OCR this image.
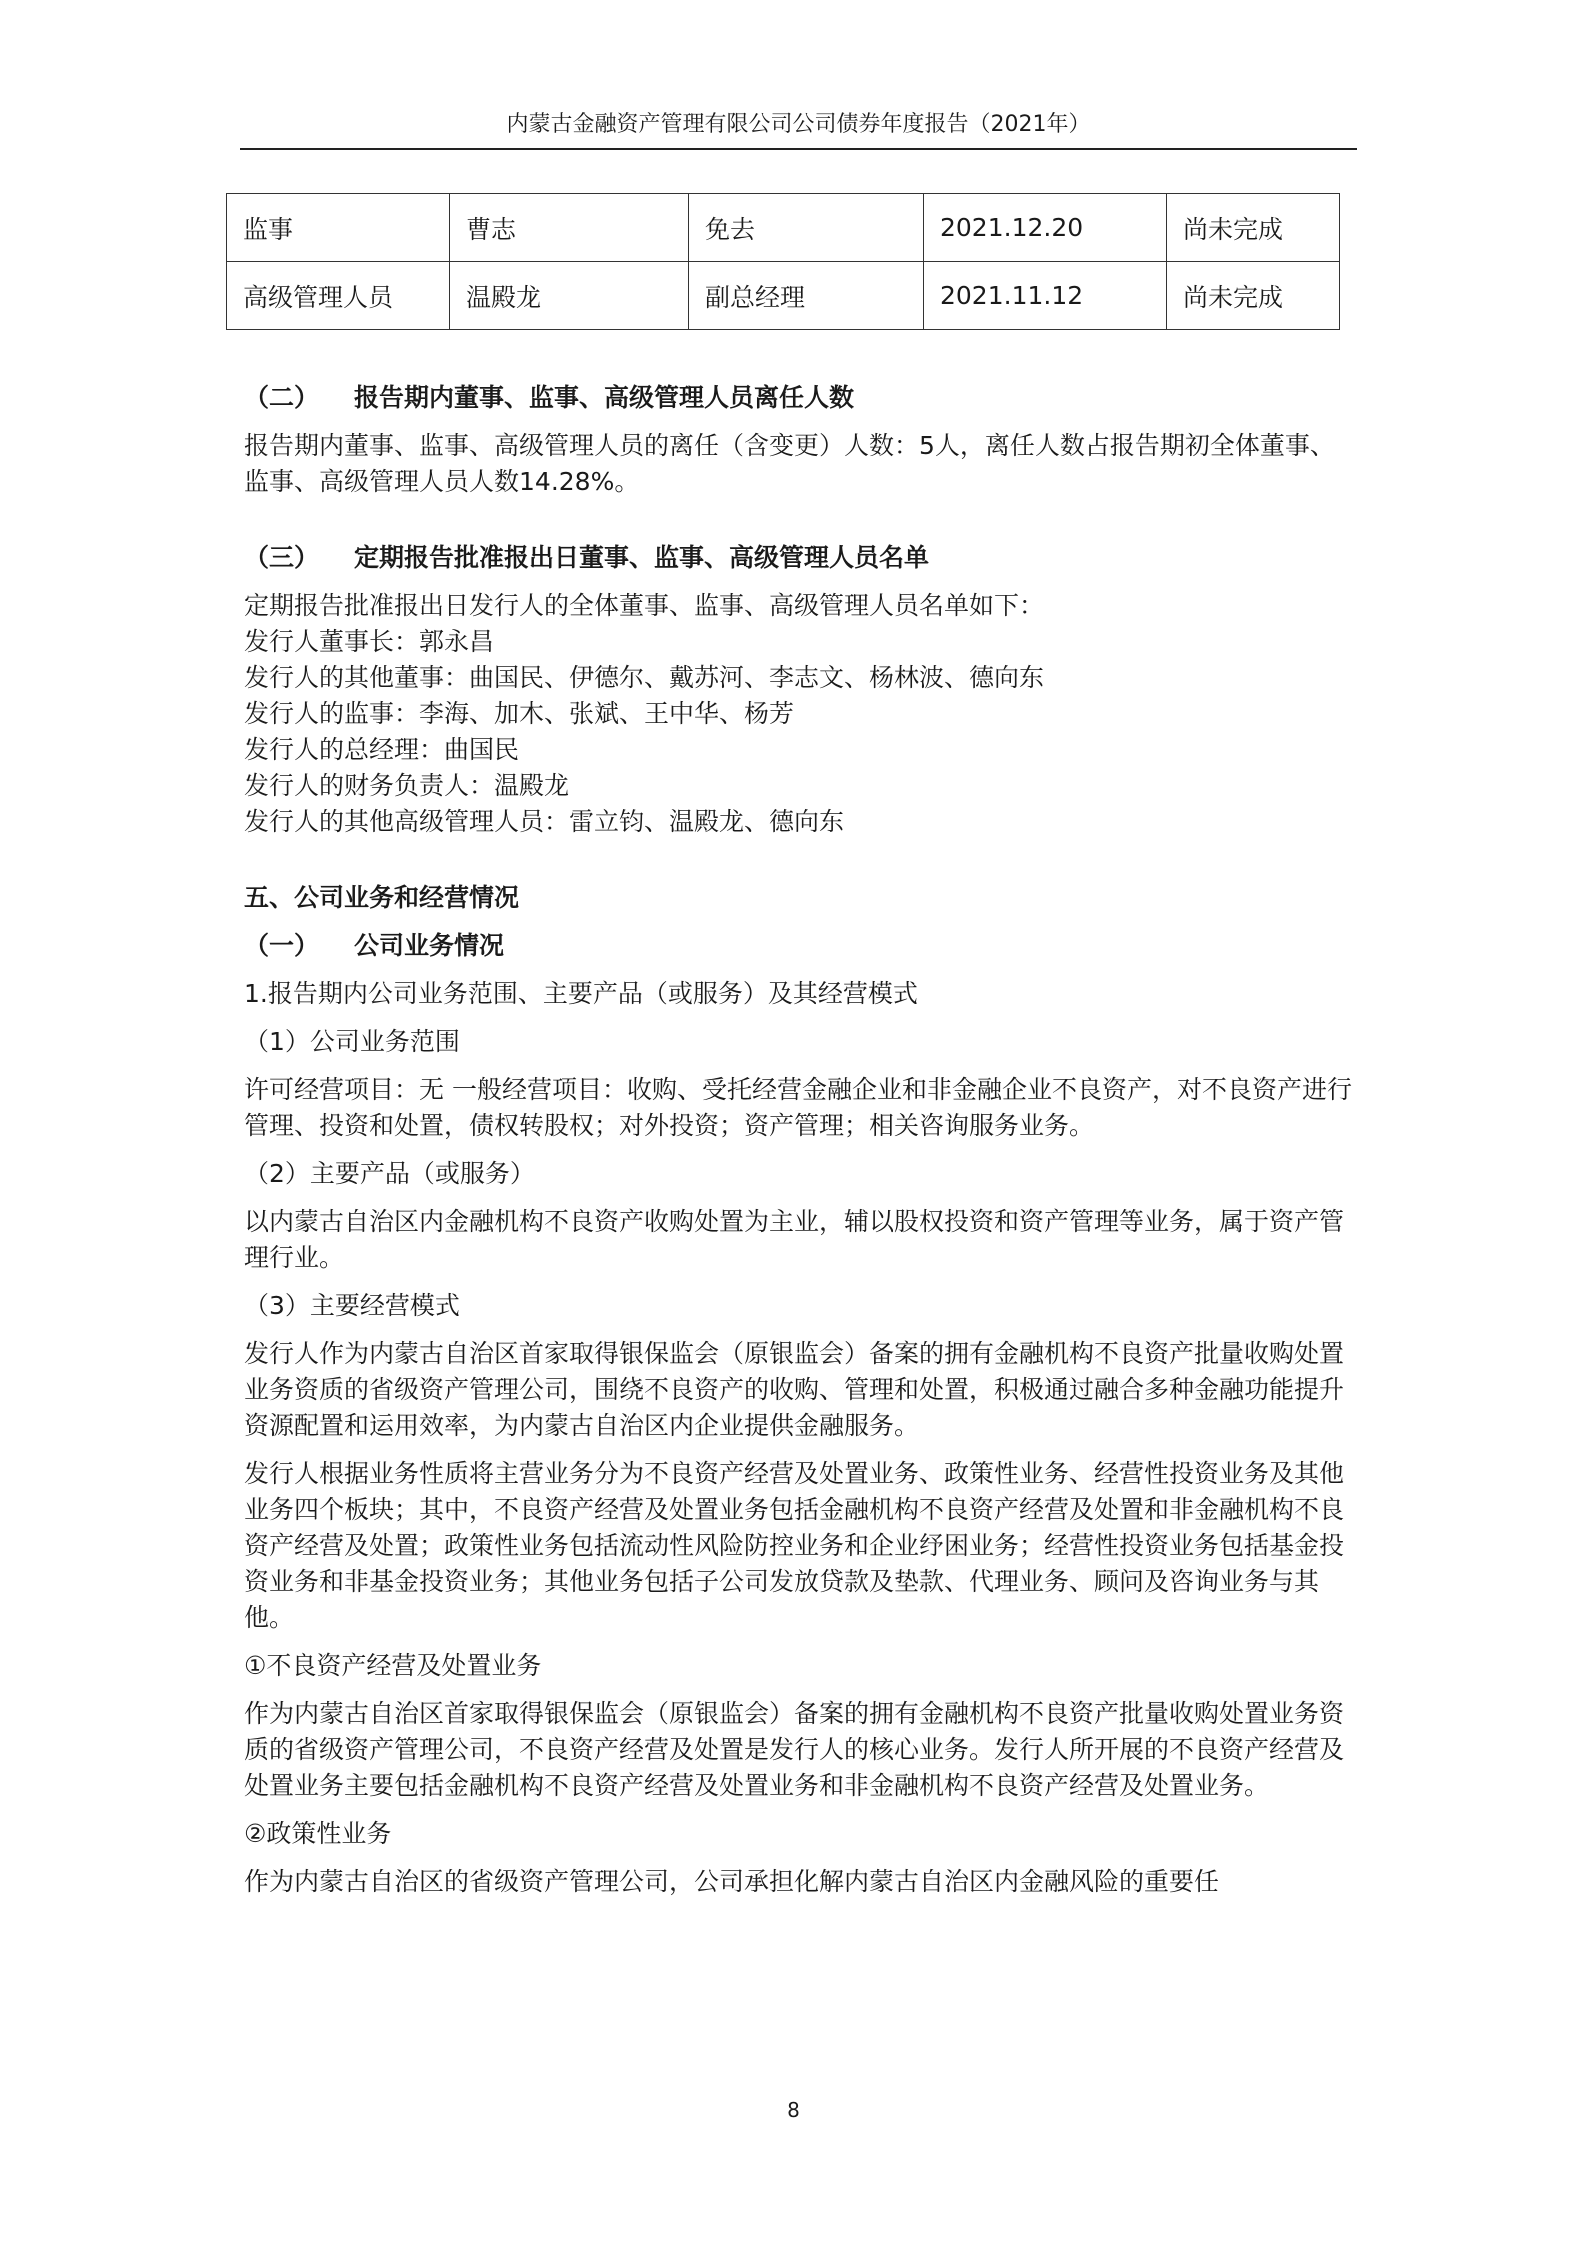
内蒙古金融资产管理有限公司公司债券年度报告（2021年）
监事	曹志	免去	2021.12.20	尚未完成
高级管理人员	温殿龙	副总经理	2021.11.12	尚未完成

（二） 报告期内董事、监事、高级管理人员离任人数

报告期内董事、监事、高级管理人员的离任（含变更）人数：5人，离任人数占报告期初全体董事、监事、高级管理人员人数14.28%。

（三） 定期报告批准报出日董事、监事、高级管理人员名单

定期报告批准报出日发行人的全体董事、监事、高级管理人员名单如下：

发行人董事长：郭永昌

发行人的其他董事：曲国民、伊德尔、戴苏河、李志文、杨林波、德向东

发行人的监事：李海、加木、张斌、王中华、杨芳

发行人的总经理：曲国民

发行人的财务负责人：温殿龙

发行人的其他高级管理人员：雷立钧、温殿龙、德向东

五、公司业务和经营情况

（一） 公司业务情况

1.报告期内公司业务范围、主要产品（或服务）及其经营模式

（1）公司业务范围

许可经营项目：无 一般经营项目：收购、受托经营金融企业和非金融企业不良资产，对不良资产进行管理、投资和处置，债权转股权；对外投资；资产管理；相关咨询服务业务。

（2）主要产品（或服务）

以内蒙古自治区内金融机构不良资产收购处置为主业，辅以股权投资和资产管理等业务，属于资产管理行业。

（3）主要经营模式

发行人作为内蒙古自治区首家取得银保监会（原银监会）备案的拥有金融机构不良资产批量收购处置业务资质的省级资产管理公司，围绕不良资产的收购、管理和处置，积极通过融合多种金融功能提升资源配置和运用效率，为内蒙古自治区内企业提供金融服务。

发行人根据业务性质将主营业务分为不良资产经营及处置业务、政策性业务、经营性投资业务及其他业务四个板块；其中，不良资产经营及处置业务包括金融机构不良资产经营及处置和非金融机构不良资产经营及处置；政策性业务包括流动性风险防控业务和企业纾困业务；经营性投资业务包括基金投资业务和非基金投资业务；其他业务包括子公司发放贷款及垫款、代理业务、顾问及咨询业务与其他。

①不良资产经营及处置业务

作为内蒙古自治区首家取得银保监会（原银监会）备案的拥有金融机构不良资产批量收购处置业务资质的省级资产管理公司，不良资产经营及处置是发行人的核心业务。发行人所开展的不良资产经营及处置业务主要包括金融机构不良资产经营及处置业务和非金融机构不良资产经营及处置业务。

②政策性业务

作为内蒙古自治区的省级资产管理公司，公司承担化解内蒙古自治区内金融风险的重要任

8
